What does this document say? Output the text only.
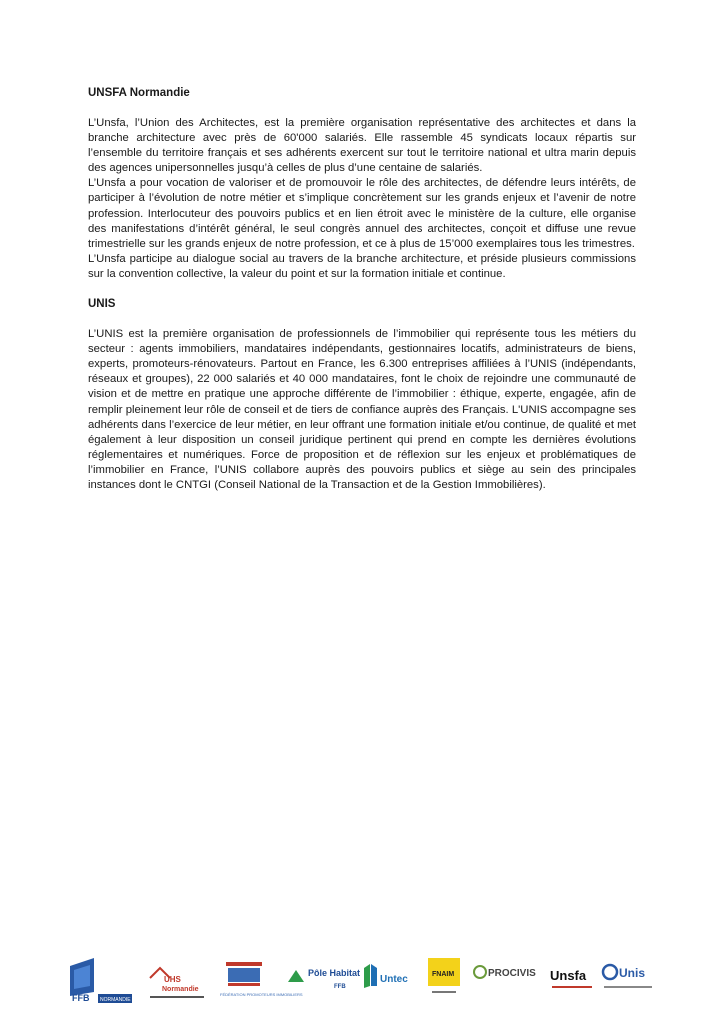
UNSFA Normandie

L’Unsfa, l’Union des Architectes, est la première organisation représentative des architectes et dans la branche architecture avec près de 60'000 salariés. Elle rassemble 45 syndicats locaux répartis sur l’ensemble du territoire français et ses adhérents exercent sur tout le territoire national et ultra marin depuis des agences unipersonnelles jusqu’à celles de plus d’une centaine de salariés.

L’Unsfa a pour vocation de valoriser et de promouvoir le rôle des architectes, de défendre leurs intérêts, de participer à l’évolution de notre métier et s’implique concrètement sur les grands enjeux et l’avenir de notre profession. Interlocuteur des pouvoirs publics et en lien étroit avec le ministère de la culture, elle organise des manifestations d’intérêt général, le seul congrès annuel des architectes, conçoit et diffuse une revue trimestrielle sur les grands enjeux de notre profession, et ce à plus de 15’000 exemplaires tous les trimestres.

L’Unsfa participe au dialogue social au travers de la branche architecture, et préside plusieurs commissions sur la convention collective, la valeur du point et sur la formation initiale et continue.

UNIS

L’UNIS est la première organisation de professionnels de l’immobilier qui représente tous les métiers du secteur : agents immobiliers, mandataires indépendants, gestionnaires locatifs, administrateurs de biens, experts, promoteurs-rénovateurs. Partout en France, les 6.300 entreprises affiliées à l’UNIS (indépendants, réseaux et groupes), 22 000 salariés et 40 000 mandataires, font le choix de rejoindre une communauté de vision et de mettre en pratique une approche différente de l’immobilier : éthique, experte, engagée, afin de remplir pleinement leur rôle de conseil et de tiers de confiance auprès des Français. L'UNIS accompagne ses adhérents dans l’exercice de leur métier, en leur offrant une formation initiale et/ou continue, de qualité et met également à leur disposition un conseil juridique pertinent qui prend en compte les dernières évolutions réglementaires et numériques. Force de proposition et de réflexion sur les enjeux et problématiques de l’immobilier en France, l’UNIS collabore auprès des pouvoirs publics et siège au sein des principales instances dont le CNTGI (Conseil National de la Transaction et de la Gestion Immobilières).

FFB NORMANDIE
UHS
Normandie
FÉDÉRATION PROMOTEURS IMMOBILIERS
Pôle Habitat
FFB
Untec	FNAIM	PROCIVIS Unsfa	Unis
